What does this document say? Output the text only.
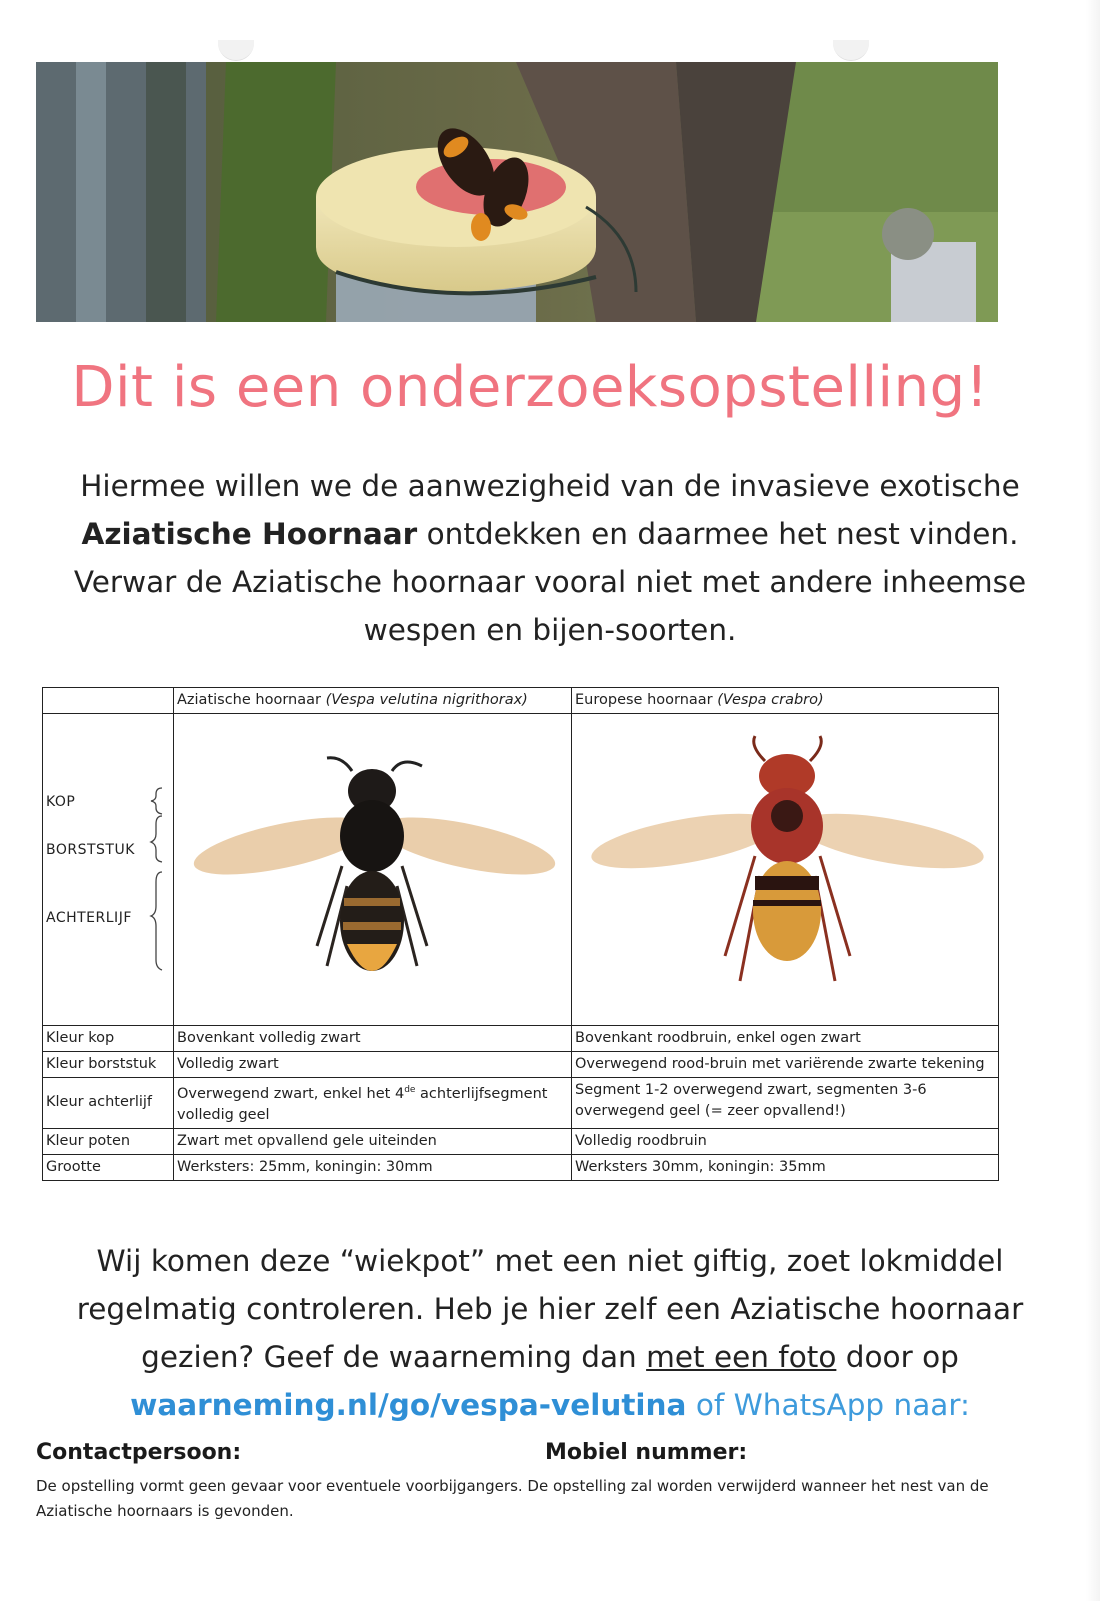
Dit is een onderzoeksopstelling!
Hiermee willen we de aanwezigheid van de invasieve exotische
Aziatische Hoornaar ontdekken en daarmee het nest vinden.
Verwar de Aziatische hoornaar vooral niet met andere inheemse
wespen en bijen-soorten.
	Aziatische hoornaar (Vespa velutina nigrithorax)	Europese hoornaar (Vespa crabro)

KOP
BORSTSTUK
ACHTERLIJF

Kleur kop	Bovenkant volledig zwart	Bovenkant roodbruin, enkel ogen zwart
Kleur borststuk	Volledig zwart	Overwegend rood-bruin met variërende zwarte tekening
Kleur achterlijf	Overwegend zwart, enkel het 4de achterlijfsegment volledig geel	Segment 1-2 overwegend zwart, segmenten 3-6 overwegend geel (= zeer opvallend!)
Kleur poten	Zwart met opvallend gele uiteinden	Volledig roodbruin
Grootte	Werksters: 25mm, koningin: 30mm	Werksters 30mm, koningin: 35mm
Wij komen deze “wiekpot” met een niet giftig, zoet lokmiddel
regelmatig controleren. Heb je hier zelf een Aziatische hoornaar
gezien? Geef de waarneming dan met een foto door op
waarneming.nl/go/vespa-velutina of WhatsApp naar:
Contactpersoon:	Mobiel nummer:
De opstelling vormt geen gevaar voor eventuele voorbijgangers. De opstelling zal worden verwijderd wanneer het nest van de Aziatische hoornaars is gevonden.
